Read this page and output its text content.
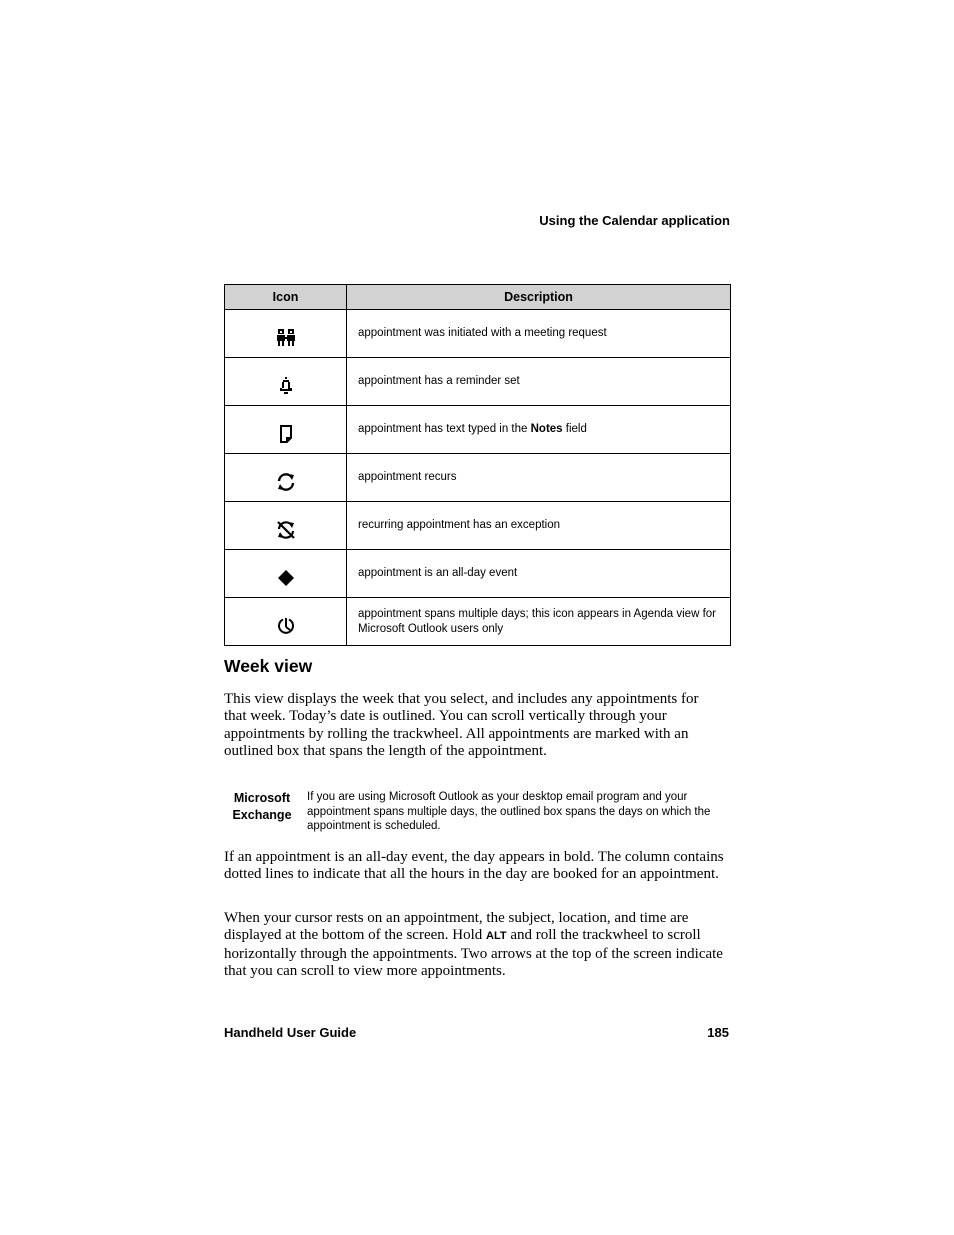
Using the Calendar application
Icon	Description

	appointment was initiated with a meeting request

	appointment has a reminder set

	appointment has text typed in the Notes field

	appointment recurs

	recurring appointment has an exception

	appointment is an all-day event

	appointment spans multiple days; this icon appears in Agenda view for Microsoft Outlook users only
Week view

This view displays the week that you select, and includes any appointments for that week. Today’s date is outlined. You can scroll vertically through your appointments by rolling the trackwheel. All appointments are marked with an outlined box that spans the length of the appointment.

Microsoft
Exchange
If you are using Microsoft Outlook as your desktop email program and your appointment spans multiple days, the outlined box spans the days on which the appointment is scheduled.

If an appointment is an all-day event, the day appears in bold. The column contains dotted lines to indicate that all the hours in the day are booked for an appointment.

When your cursor rests on an appointment, the subject, location, and time are displayed at the bottom of the screen. Hold ALT and roll the trackwheel to scroll horizontally through the appointments. Two arrows at the top of the screen indicate that you can scroll to view more appointments.

Handheld User Guide	185
